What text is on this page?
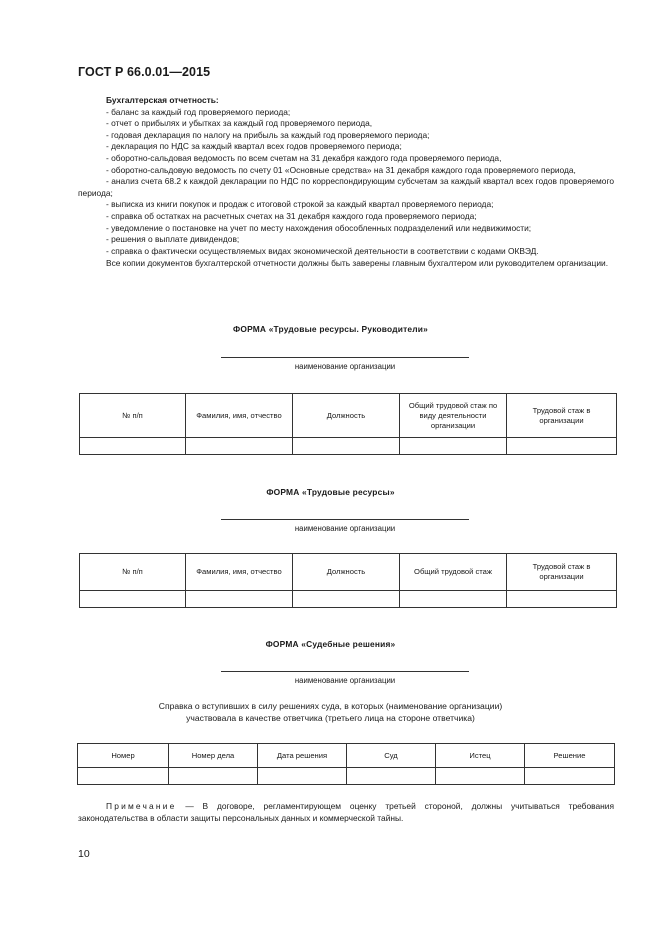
ГОСТ Р 66.0.01—2015
Бухгалтерская отчетность:
- баланс за каждый год проверяемого периода;
- отчет о прибылях и убытках за каждый год проверяемого периода,
- годовая декларация по налогу на прибыль за каждый год проверяемого периода;
- декларация по НДС за каждый квартал всех годов проверяемого периода;
- оборотно-сальдовая ведомость по всем счетам на 31 декабря каждого года проверяемого периода,
- оборотно-сальдовую ведомость по счету 01 «Основные средства» на 31 декабря каждого года проверяемого периода,
- анализ счета 68.2 к каждой декларации по НДС по корреспондирующим субсчетам за каждый квартал всех годов проверяемого периода;
- выписка из книги покупок и продаж с итоговой строкой за каждый квартал проверяемого периода;
- справка об остатках на расчетных счетах на 31 декабря каждого года проверяемого периода;
- уведомление о постановке на учет по месту нахождения обособленных подразделений или недвижимости;
- решения о выплате дивидендов;
- справка о фактически осуществляемых видах экономической деятельности в соответствии с кодами ОКВЭД.
Все копии документов бухгалтерской отчетности должны быть заверены главным бухгалтером или руководителем организации.
ФОРМА «Трудовые ресурсы. Руководители»
наименование организации
№ п/п	Фамилия, имя, отчество	Должность	Общий трудовой стаж по виду деятельности организации	Трудовой стаж в организации

ФОРМА «Трудовые ресурсы»
наименование организации
№ п/п	Фамилия, имя, отчество	Должность	Общий трудовой стаж	Трудовой стаж в организации

ФОРМА «Судебные решения»
наименование организации
Справка о вступивших в силу решениях суда, в которых (наименование организации)
участвовала в качестве ответчика (третьего лица на стороне ответчика)
Номер	Номер дела	Дата решения	Суд	Истец	Решение

Примечание — В договоре, регламентирующем оценку третьей стороной, должны учитываться требования законодательства в области защиты персональных данных и коммерческой тайны.
10
